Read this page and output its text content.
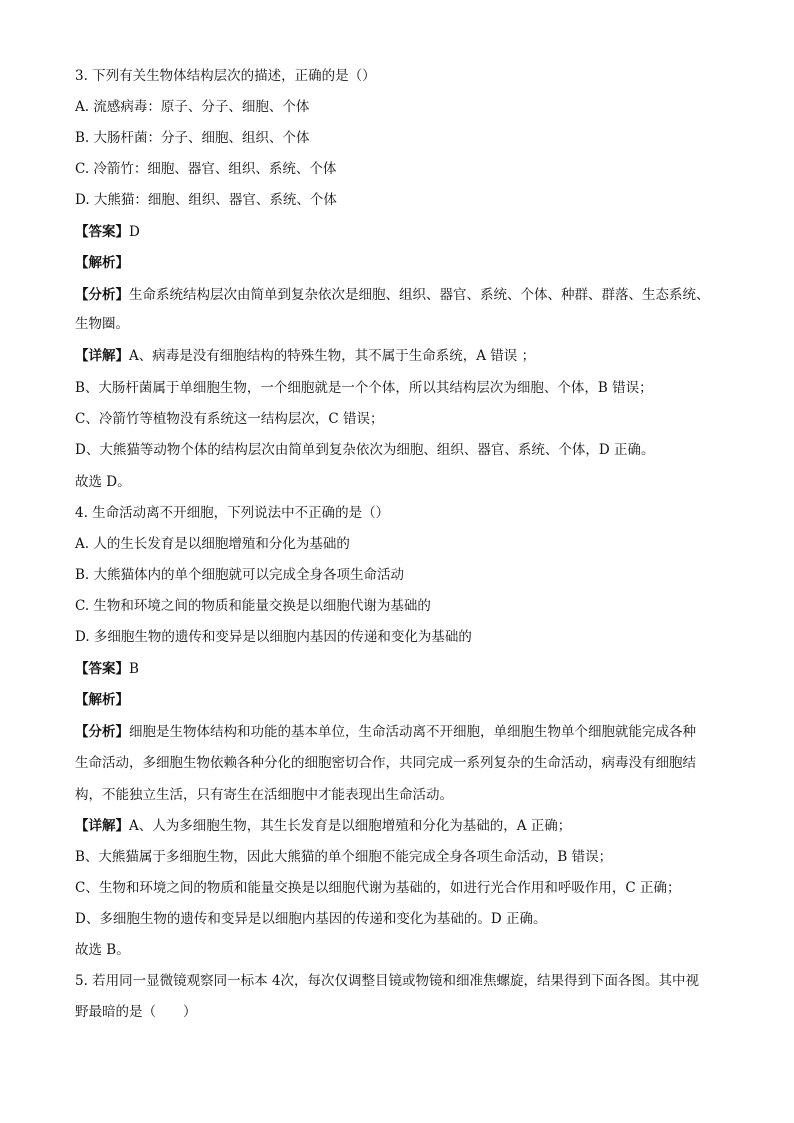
3. 下列有关生物体结构层次的描述，正确的是（）
A. 流感病毒：原子、分子、细胞、个体
B. 大肠杆菌：分子、细胞、组织、个体
C. 冷箭竹：细胞、器官、组织、系统、个体
D. 大熊猫：细胞、组织、器官、系统、个体
【答案】D
【解析】
【分析】生命系统结构层次由简单到复杂依次是细胞、组织、器官、系统、个体、种群、群落、生态系统、
生物圈。
【详解】A、病毒是没有细胞结构的特殊生物，其不属于生命系统，A 错误 ；
B、大肠杆菌属于单细胞生物，一个细胞就是一个个体，所以其结构层次为细胞、个体，B 错误；
C、冷箭竹等植物没有系统这一结构层次，C 错误；
D、大熊猫等动物个体的结构层次由简单到复杂依次为细胞、组织、器官、系统、个体，D 正确。
故选 D。
4. 生命活动离不开细胞，下列说法中不正确的是（）
A. 人的生长发育是以细胞增殖和分化为基础的
B. 大熊猫体内的单个细胞就可以完成全身各项生命活动
C. 生物和环境之间的物质和能量交换是以细胞代谢为基础的
D. 多细胞生物的遗传和变异是以细胞内基因的传递和变化为基础的
【答案】B
【解析】
【分析】细胞是生物体结构和功能的基本单位，生命活动离不开细胞，单细胞生物单个细胞就能完成各种
生命活动，多细胞生物依赖各种分化的细胞密切合作，共同完成一系列复杂的生命活动，病毒没有细胞结
构，不能独立生活，只有寄生在活细胞中才能表现出生命活动。
【详解】A、人为多细胞生物，其生长发育是以细胞增殖和分化为基础的，A 正确；
B、大熊猫属于多细胞生物，因此大熊猫的单个细胞不能完成全身各项生命活动，B 错误；
C、生物和环境之间的物质和能量交换是以细胞代谢为基础的，如进行光合作用和呼吸作用，C 正确；
D、多细胞生物的遗传和变异是以细胞内基因的传递和变化为基础的。D 正确。
故选 B。
5. 若用同一显微镜观察同一标本 4次，每次仅调整目镜或物镜和细准焦螺旋，结果得到下面各图。其中视
野最暗的是（　　）
